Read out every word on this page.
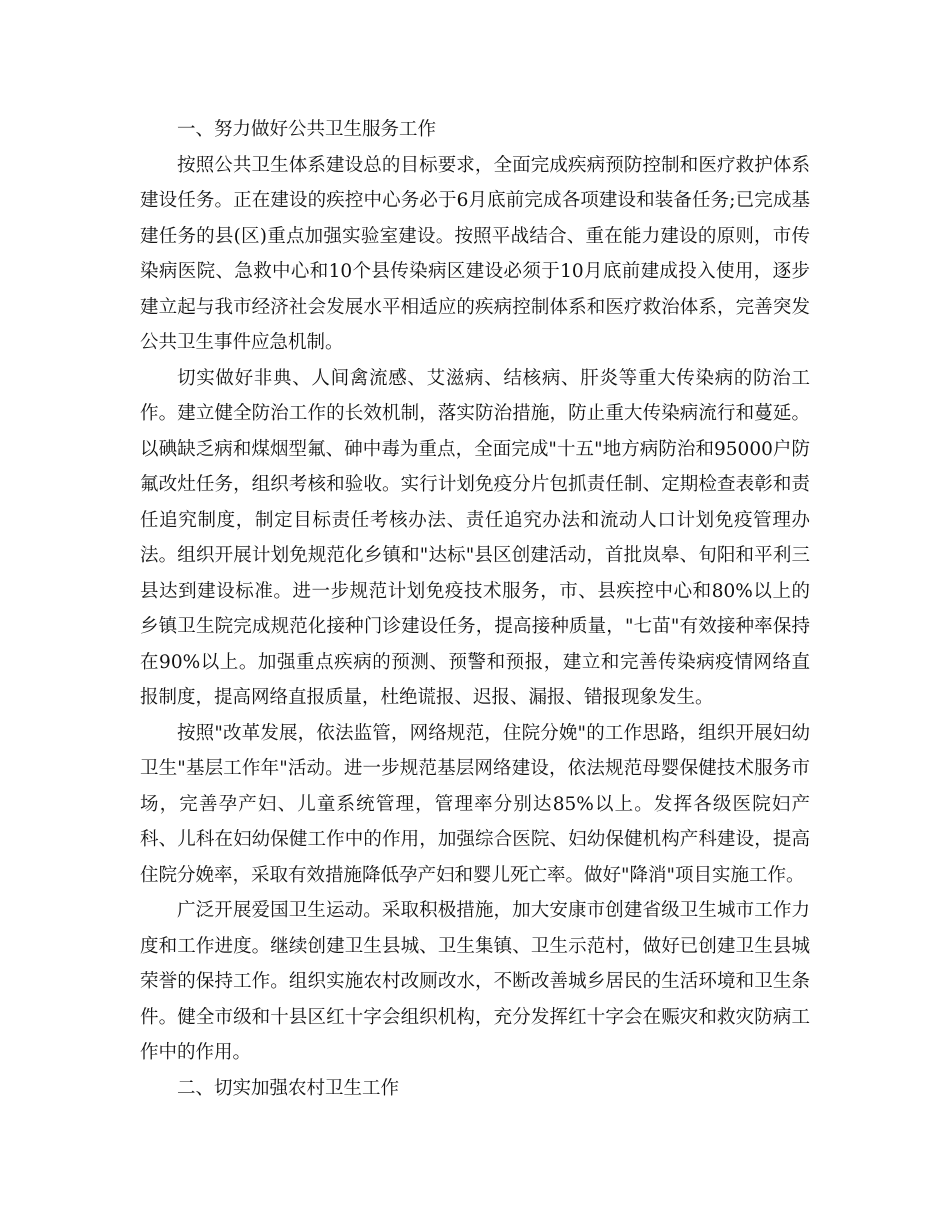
一、努力做好公共卫生服务工作

按照公共卫生体系建设总的目标要求，全面完成疾病预防控制和医疗救护体系建设任务。正在建设的疾控中心务必于6月底前完成各项建设和装备任务;已完成基建任务的县(区)重点加强实验室建设。按照平战结合、重在能力建设的原则，市传染病医院、急救中心和10个县传染病区建设必须于10月底前建成投入使用，逐步建立起与我市经济社会发展水平相适应的疾病控制体系和医疗救治体系，完善突发公共卫生事件应急机制。

切实做好非典、人间禽流感、艾滋病、结核病、肝炎等重大传染病的防治工作。建立健全防治工作的长效机制，落实防治措施，防止重大传染病流行和蔓延。以碘缺乏病和煤烟型氟、砷中毒为重点，全面完成"十五"地方病防治和95000户防氟改灶任务，组织考核和验收。实行计划免疫分片包抓责任制、定期检查表彰和责任追究制度，制定目标责任考核办法、责任追究办法和流动人口计划免疫管理办法。组织开展计划免规范化乡镇和"达标"县区创建活动，首批岚皋、旬阳和平利三县达到建设标准。进一步规范计划免疫技术服务，市、县疾控中心和80%以上的乡镇卫生院完成规范化接种门诊建设任务，提高接种质量，"七苗"有效接种率保持在90%以上。加强重点疾病的预测、预警和预报，建立和完善传染病疫情网络直报制度，提高网络直报质量，杜绝谎报、迟报、漏报、错报现象发生。

按照"改革发展，依法监管，网络规范，住院分娩"的工作思路，组织开展妇幼卫生"基层工作年"活动。进一步规范基层网络建设，依法规范母婴保健技术服务市场，完善孕产妇、儿童系统管理，管理率分别达85%以上。发挥各级医院妇产科、儿科在妇幼保健工作中的作用，加强综合医院、妇幼保健机构产科建设，提高住院分娩率，采取有效措施降低孕产妇和婴儿死亡率。做好"降消"项目实施工作。

广泛开展爱国卫生运动。采取积极措施，加大安康市创建省级卫生城市工作力度和工作进度。继续创建卫生县城、卫生集镇、卫生示范村，做好已创建卫生县城荣誉的保持工作。组织实施农村改厕改水，不断改善城乡居民的生活环境和卫生条件。健全市级和十县区红十字会组织机构，充分发挥红十字会在赈灾和救灾防病工作中的作用。

二、切实加强农村卫生工作
